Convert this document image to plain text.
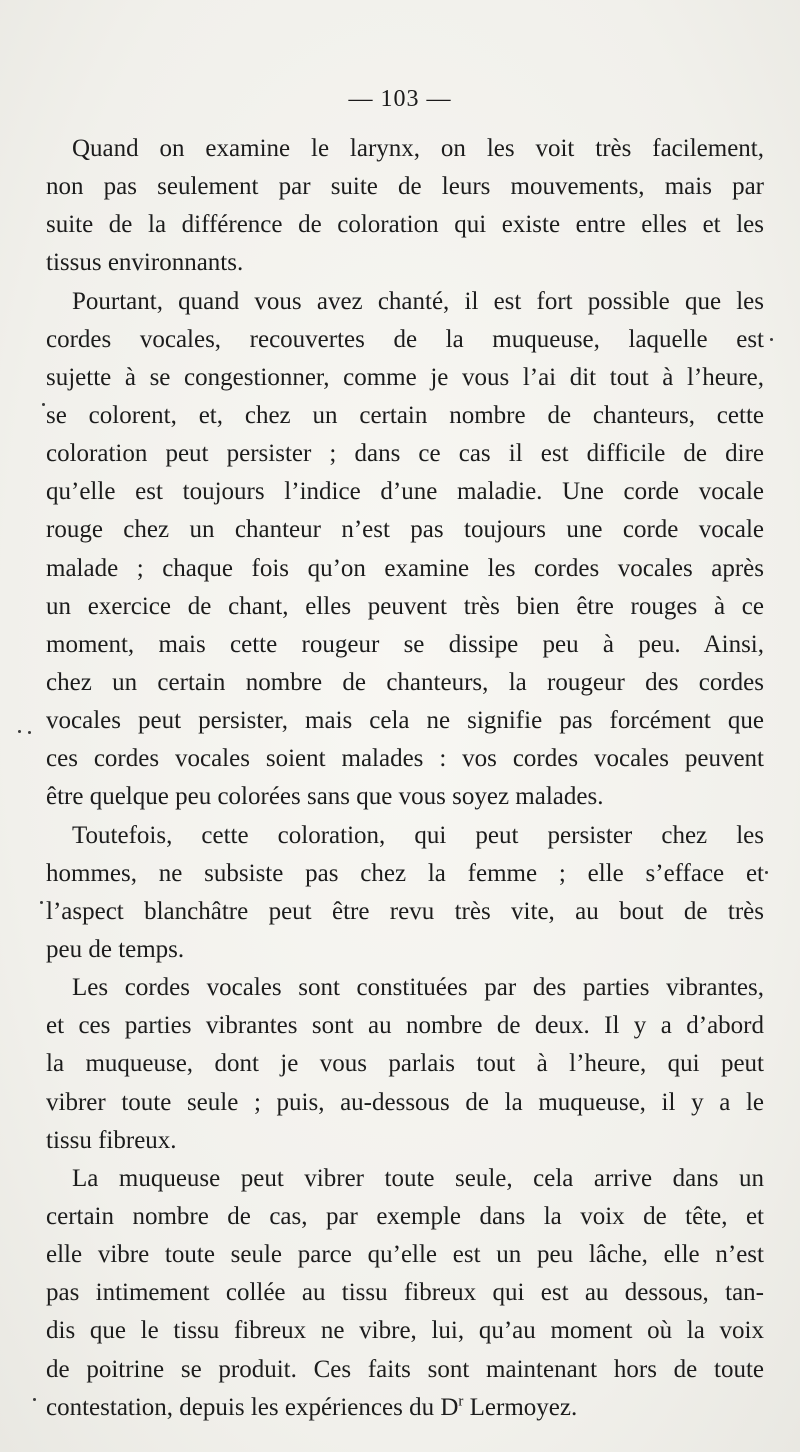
— 103 —
Quand on examine le larynx, on les voit très facilement,
non pas seulement par suite de leurs mouvements, mais par
suite de la différence de coloration qui existe entre elles et les
tissus environnants.
Pourtant, quand vous avez chanté, il est fort possible que les
cordes vocales, recouvertes de la muqueuse, laquelle est
sujette à se congestionner, comme je vous l’ai dit tout à l’heure,
se colorent, et, chez un certain nombre de chanteurs, cette
coloration peut persister ; dans ce cas il est difficile de dire
qu’elle est toujours l’indice d’une maladie. Une corde vocale
rouge chez un chanteur n’est pas toujours une corde vocale
malade ; chaque fois qu’on examine les cordes vocales après
un exercice de chant, elles peuvent très bien être rouges à ce
moment, mais cette rougeur se dissipe peu à peu. Ainsi,
chez un certain nombre de chanteurs, la rougeur des cordes
vocales peut persister, mais cela ne signifie pas forcément que
ces cordes vocales soient malades : vos cordes vocales peuvent
être quelque peu colorées sans que vous soyez malades.
Toutefois, cette coloration, qui peut persister chez les
hommes, ne subsiste pas chez la femme ; elle s’efface et
l’aspect blanchâtre peut être revu très vite, au bout de très
peu de temps.
Les cordes vocales sont constituées par des parties vibrantes,
et ces parties vibrantes sont au nombre de deux. Il y a d’abord
la muqueuse, dont je vous parlais tout à l’heure, qui peut
vibrer toute seule ; puis, au-dessous de la muqueuse, il y a le
tissu fibreux.
La muqueuse peut vibrer toute seule, cela arrive dans un
certain nombre de cas, par exemple dans la voix de tête, et
elle vibre toute seule parce qu’elle est un peu lâche, elle n’est
pas intimement collée au tissu fibreux qui est au dessous, tan-
dis que le tissu fibreux ne vibre, lui, qu’au moment où la voix
de poitrine se produit. Ces faits sont maintenant hors de toute
contestation, depuis les expériences du $D^r$ Lermoyez.
